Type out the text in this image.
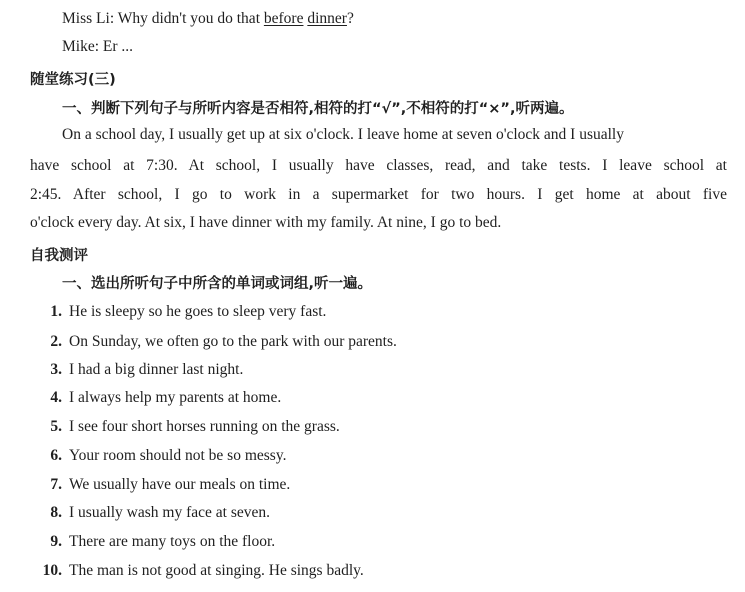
Miss Li: Why didn't you do that before dinner?
Mike: Er ...
随堂练习(三)
一、判断下列句子与所听内容是否相符,相符的打“√”,不相符的打“×”,听两遍。
On a school day, I usually get up at six o'clock. I leave home at seven o'clock and I usually
have school at 7:30. At school, I usually have classes, read, and take tests. I leave school at
2:45. After school, I go to work in a supermarket for two hours. I get home at about five
o'clock every day. At six, I have dinner with my family. At nine, I go to bed.
自我测评
一、选出所听句子中所含的单词或词组,听一遍。
1. He is sleepy so he goes to sleep very fast.
2. On Sunday, we often go to the park with our parents.
3. I had a big dinner last night.
4. I always help my parents at home.
5. I see four short horses running on the grass.
6. Your room should not be so messy.
7. We usually have our meals on time.
8. I usually wash my face at seven.
9. There are many toys on the floor.
10. The man is not good at singing. He sings badly.
